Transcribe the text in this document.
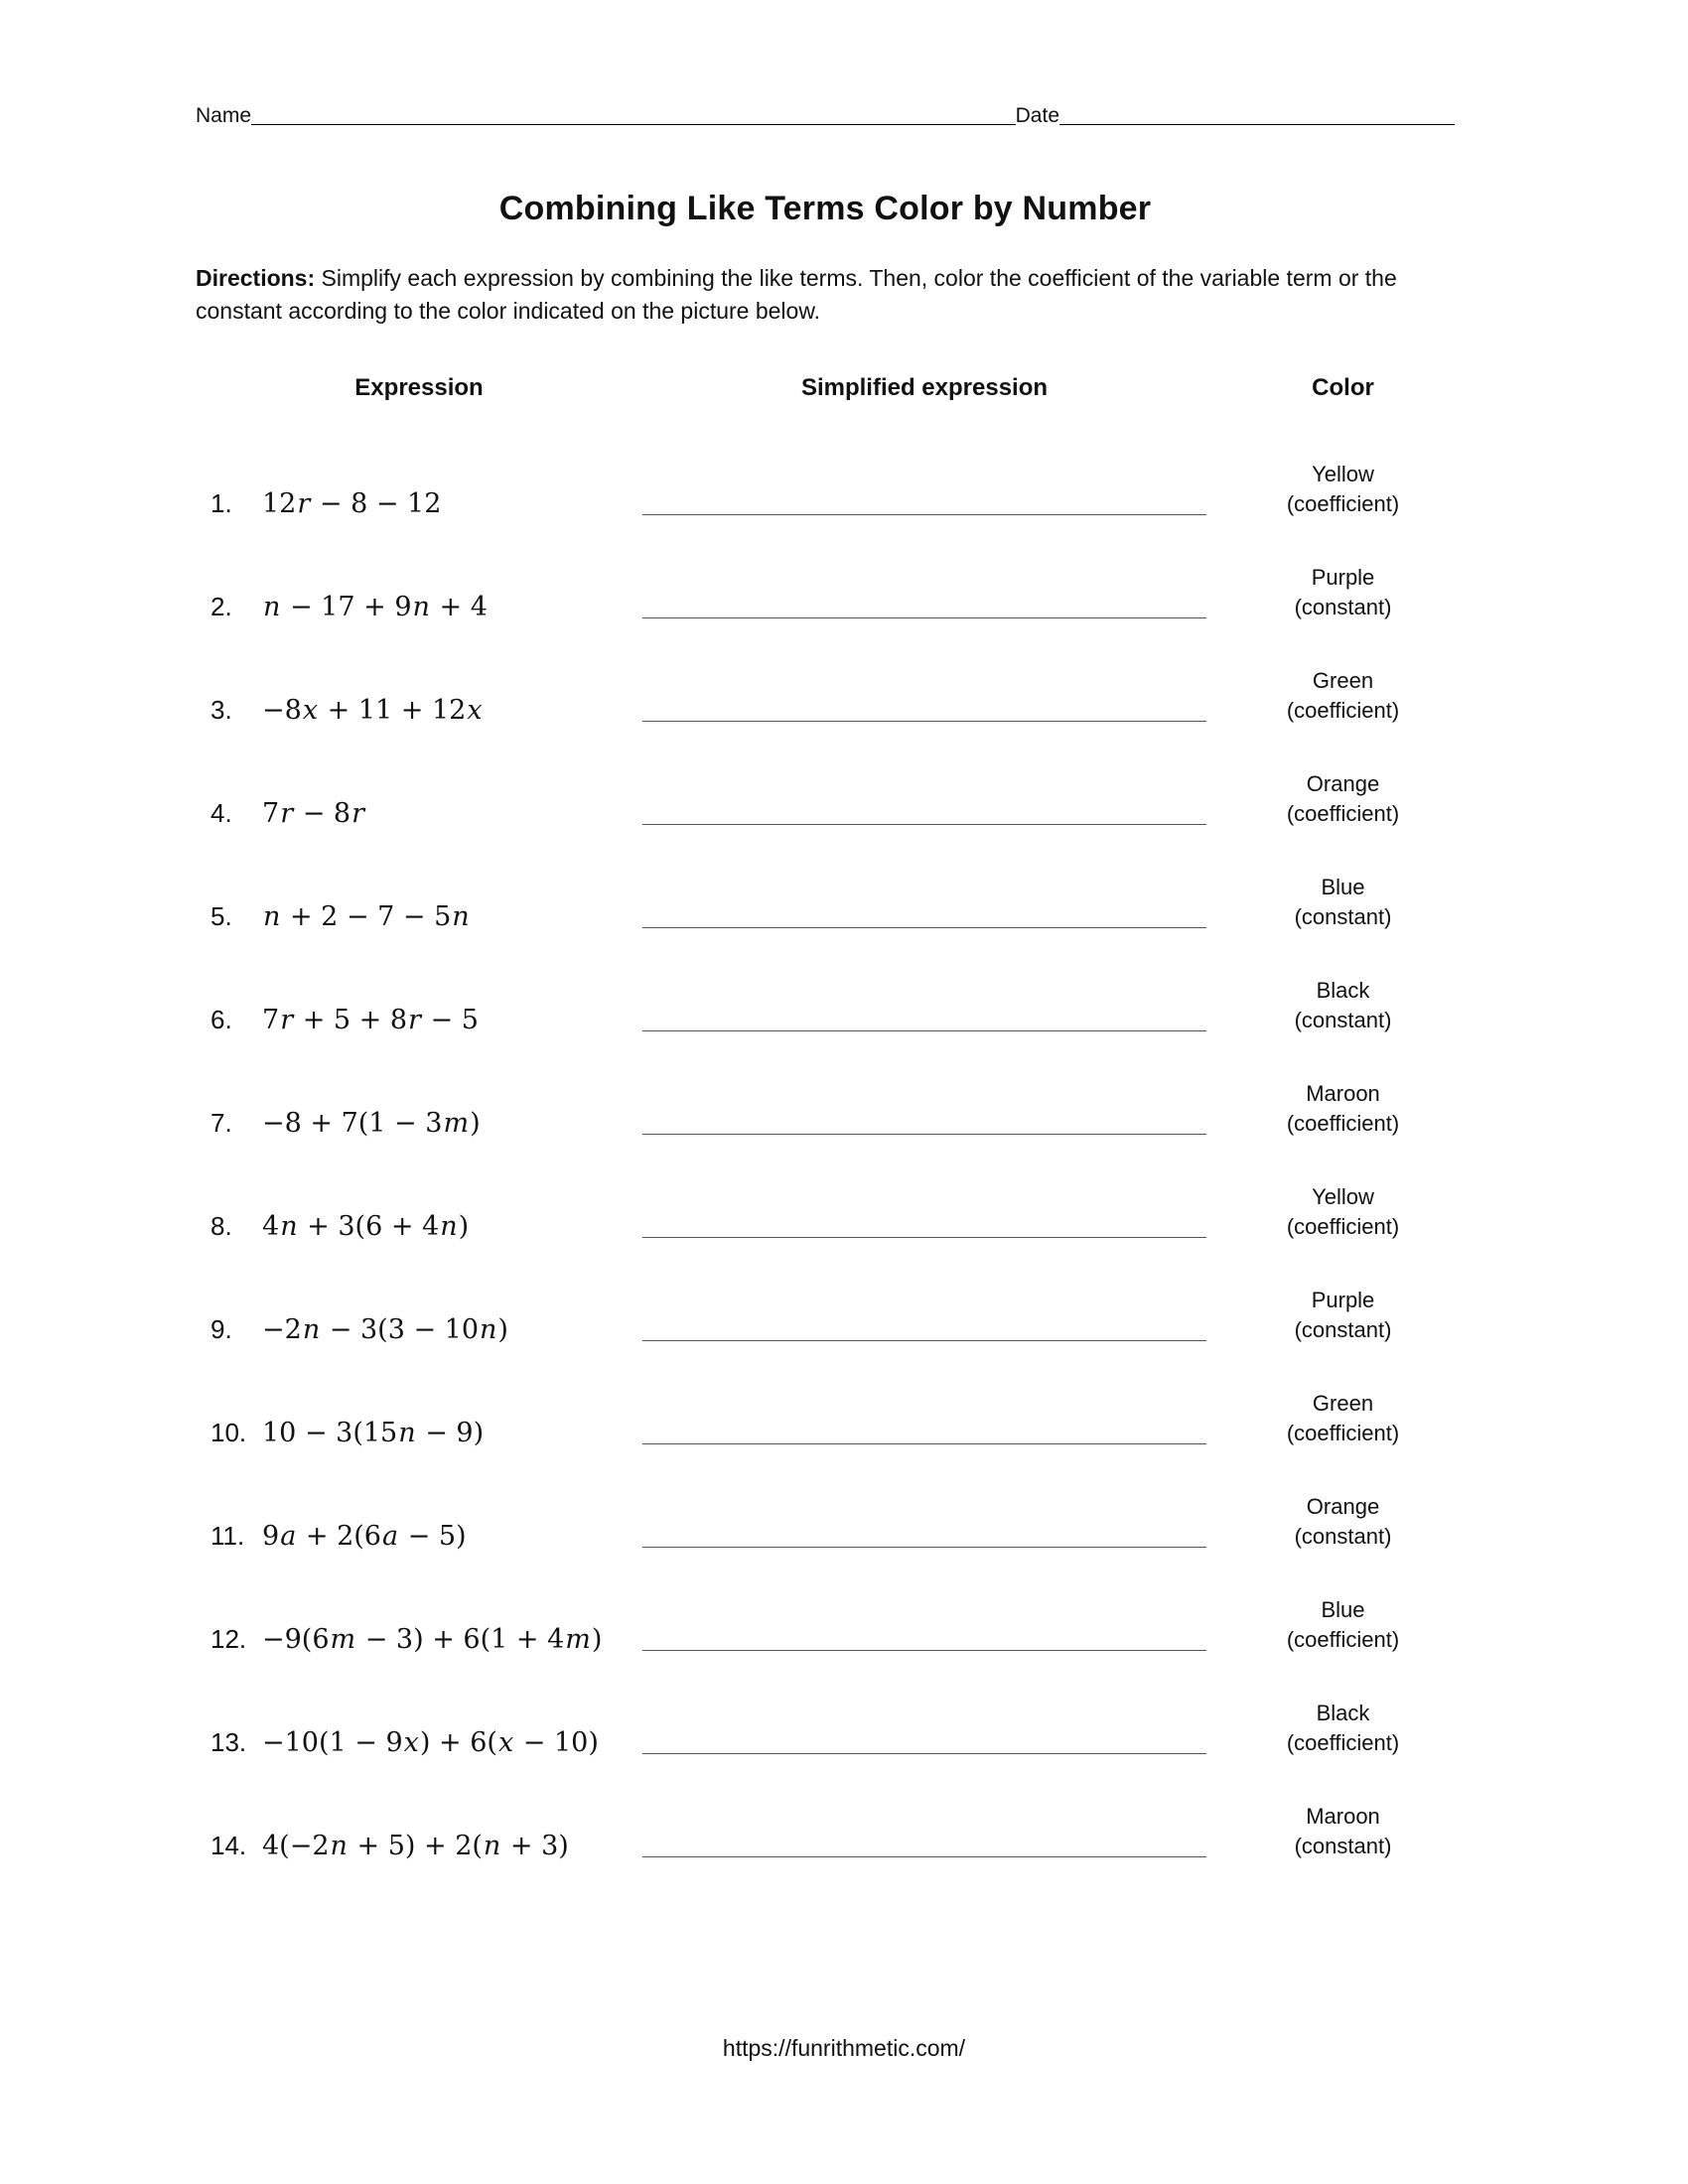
Name	Date
Combining Like Terms Color by Number
Directions: Simplify each expression by combining the like terms. Then, color the coefficient of the variable term or the constant according to the color indicated on the picture below.
Expression	Simplified expression	Color
1.	12r − 8 − 12
Yellow
(coefficient)
2.	n − 17 + 9n + 4
Purple
(constant)
3.	−8x + 11 + 12x
Green
(coefficient)
4.	7r − 8r
Orange
(coefficient)
5.	n + 2 − 7 − 5n
Blue
(constant)
6.	7r + 5 + 8r − 5
Black
(constant)
7.	−8 + 7(1 − 3m)
Maroon
(coefficient)
8.	4n + 3(6 + 4n)
Yellow
(coefficient)
9.	−2n − 3(3 − 10n)
Purple
(constant)
10. 10 − 3(15n − 9)
Green
(coefficient)
11. 9a + 2(6a − 5)
Orange
(constant)
12. −9(6m − 3) + 6(1 + 4m)
Blue
(coefficient)
13. −10(1 − 9x) + 6(x − 10)
Black
(coefficient)
14. 4(−2n + 5) + 2(n + 3)
Maroon
(constant)
https://funrithmetic.com/
